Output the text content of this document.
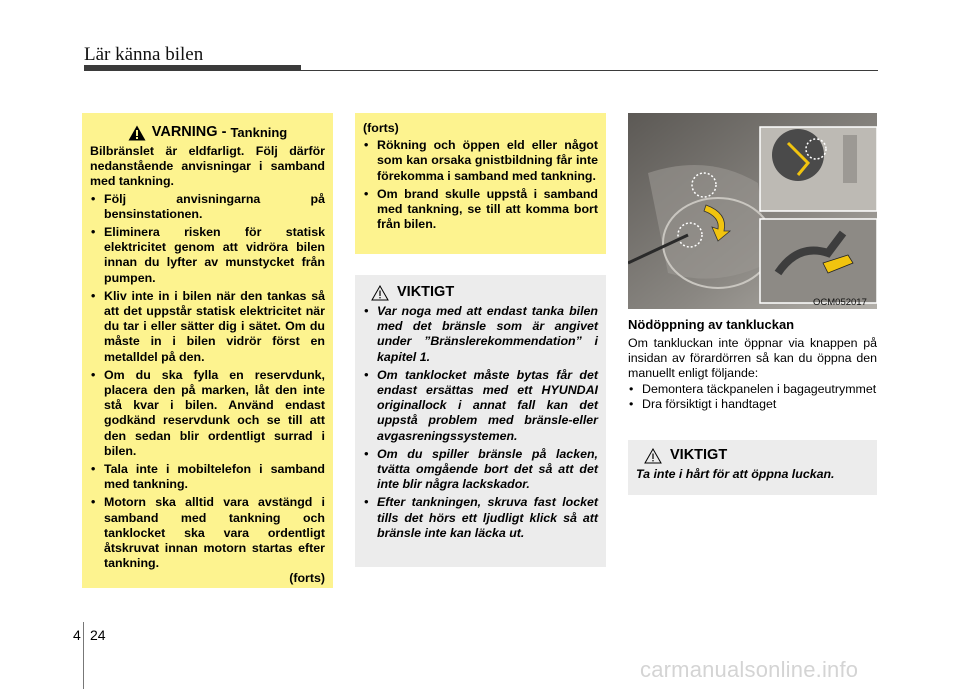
Lär känna bilen
VARNING - Tankning

Bilbränslet är eldfarligt. Följ därför nedanstående anvisningar i samband med tankning.

• Följ anvisningarna på bensinstationen.
• Eliminera risken för statisk elektricitet genom att vidröra bilen innan du lyfter av munstycket från pumpen.
• Kliv inte in i bilen när den tankas så att det uppstår statisk elektricitet när du tar i eller sätter dig i sätet. Om du måste in i bilen vidrör först en metalldel på den.
• Om du ska fylla en reservdunk, placera den på marken, låt den inte stå kvar i bilen. Använd endast godkänd reservdunk och se till att den sedan blir ordentligt surrad i bilen.
• Tala inte i mobiltelefon i samband med tankning.
• Motorn ska alltid vara avstängd i samband med tankning och tanklocket ska vara ordentligt åtskruvat innan motorn startas efter tankning.
(forts)
(forts)
• Rökning och öppen eld eller något som kan orsaka gnistbildning får inte förekomma i samband med tankning.
• Om brand skulle uppstå i samband med tankning, se till att komma bort från bilen.
VIKTIGT
• Var noga med att endast tanka bilen med det bränsle som är angivet under ”Bränslerekommendation” i kapitel 1.
• Om tanklocket måste bytas får det endast ersättas med ett HYUNDAI originallock i annat fall kan det uppstå problem med bränsle-eller avgasreningssystemen.
• Om du spiller bränsle på lacken, tvätta omgående bort det så att det inte blir några lackskador.
• Efter tankningen, skruva fast locket tills det hörs ett ljudligt klick så att bränsle inte kan läcka ut.
OCM052017
Nödöppning av tankluckan

Om tankluckan inte öppnar via knappen på insidan av förardörren så kan du öppna den manuellt enligt följande:

• Demontera täckpanelen i bagageutrymmet
• Dra försiktigt i handtaget
VIKTIGT
Ta inte i hårt för att öppna luckan.
4 24
carmanualsonline.info
